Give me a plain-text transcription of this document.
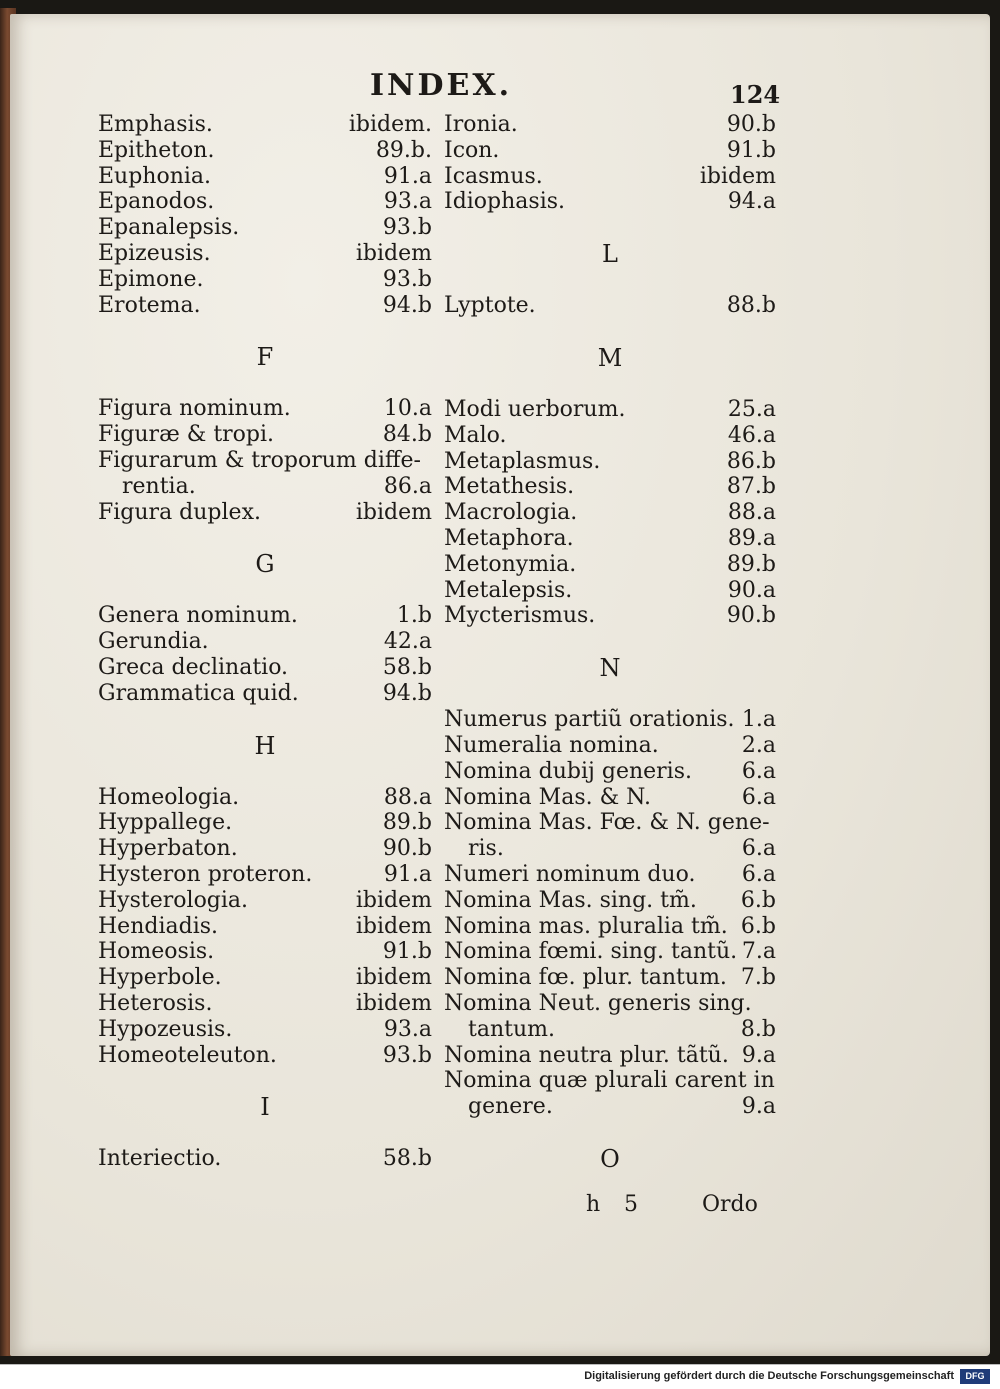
INDEX.	124
Emphasis.	ibidem.
Epitheton.	89.b.
Euphonia.	91.a
Epanodos.	93.a
Epanalepsis.	93.b
Epizeusis.	ibidem
Epimone.	93.b
Erotema.	94.b
F
Figura nominum.	10.a
Figuræ & tropi.	84.b
Figurarum & troporum diffe-
rentia.	86.a
Figura duplex.	ibidem
G
Genera nominum.	1.b
Gerundia.	42.a
Greca declinatio.	58.b
Grammatica quid.	94.b
H
Homeologia.	88.a
Hyppallege.	89.b
Hyperbaton.	90.b
Hysteron proteron.	91.a
Hysterologia.	ibidem
Hendiadis.	ibidem
Homeosis.	91.b
Hyperbole.	ibidem
Heterosis.	ibidem
Hypozeusis.	93.a
Homeoteleuton.	93.b
I
Interiectio.	58.b
Ironia.	90.b
Icon.	91.b
Icasmus.	ibidem
Idiophasis.	94.a
L
Lyptote.	88.b
M
Modi uerborum.	25.a
Malo.	46.a
Metaplasmus.	86.b
Metathesis.	87.b
Macrologia.	88.a
Metaphora.	89.a
Metonymia.	89.b
Metalepsis.	90.a
Mycterismus.	90.b
N
Numerus partiũ orationis. 1.a
Numeralia nomina.	2.a
Nomina dubij generis. 6.a
Nomina Mas. & N.	6.a
Nomina Mas. Fœ. & N. gene-
ris.	6.a
Numeri nominum duo. 6.a
Nomina Mas. sing. tm̃. 6.b
Nomina mas. pluralia tm̃. 6.b
Nomina fœmi. sing. tantũ. 7.a
Nomina fœ. plur. tantum. 7.b
Nomina Neut. generis sing.
tantum.	8.b
Nomina neutra plur. tãtũ. 9.a
Nomina quæ plurali carent in
genere.	9.a
O
h 5	Ordo
Digitalisierung gefördert durch die Deutsche Forschungsgemeinschaft	DFG
